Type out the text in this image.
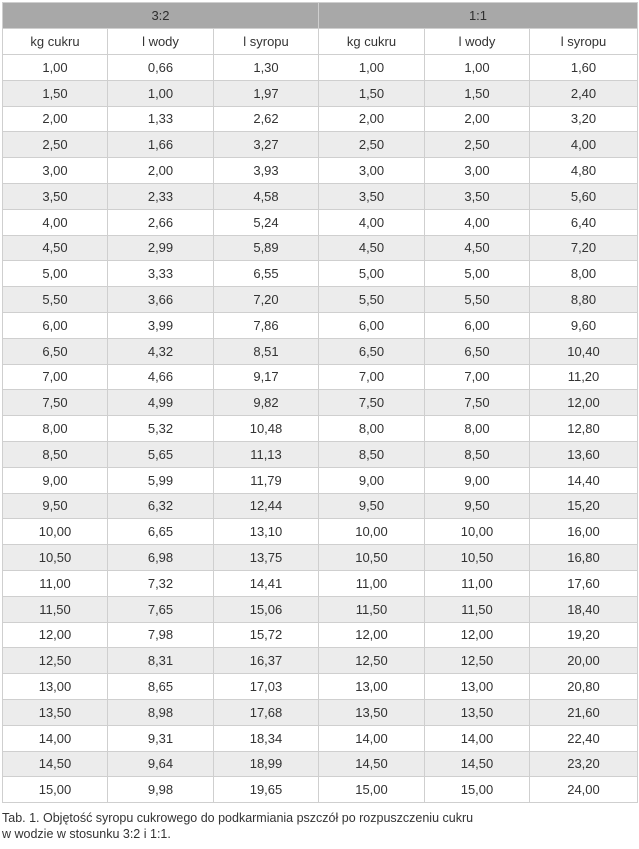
3:2			1:1		
kg cukru	l wody	l syropu	kg cukru	l wody	l syropu
1,00	0,66	1,30	1,00	1,00	1,60
1,50	1,00	1,97	1,50	1,50	2,40
2,00	1,33	2,62	2,00	2,00	3,20
2,50	1,66	3,27	2,50	2,50	4,00
3,00	2,00	3,93	3,00	3,00	4,80
3,50	2,33	4,58	3,50	3,50	5,60
4,00	2,66	5,24	4,00	4,00	6,40
4,50	2,99	5,89	4,50	4,50	7,20
5,00	3,33	6,55	5,00	5,00	8,00
5,50	3,66	7,20	5,50	5,50	8,80
6,00	3,99	7,86	6,00	6,00	9,60
6,50	4,32	8,51	6,50	6,50	10,40
7,00	4,66	9,17	7,00	7,00	11,20
7,50	4,99	9,82	7,50	7,50	12,00
8,00	5,32	10,48	8,00	8,00	12,80
8,50	5,65	11,13	8,50	8,50	13,60
9,00	5,99	11,79	9,00	9,00	14,40
9,50	6,32	12,44	9,50	9,50	15,20
10,00	6,65	13,10	10,00	10,00	16,00
10,50	6,98	13,75	10,50	10,50	16,80
11,00	7,32	14,41	11,00	11,00	17,60
11,50	7,65	15,06	11,50	11,50	18,40
12,00	7,98	15,72	12,00	12,00	19,20
12,50	8,31	16,37	12,50	12,50	20,00
13,00	8,65	17,03	13,00	13,00	20,80
13,50	8,98	17,68	13,50	13,50	21,60
14,00	9,31	18,34	14,00	14,00	22,40
14,50	9,64	18,99	14,50	14,50	23,20
15,00	9,98	19,65	15,00	15,00	24,00
Tab. 1. Objętość syropu cukrowego do podkarmiania pszczół po rozpuszczeniu cukru
w wodzie w stosunku 3:2 i 1:1.
